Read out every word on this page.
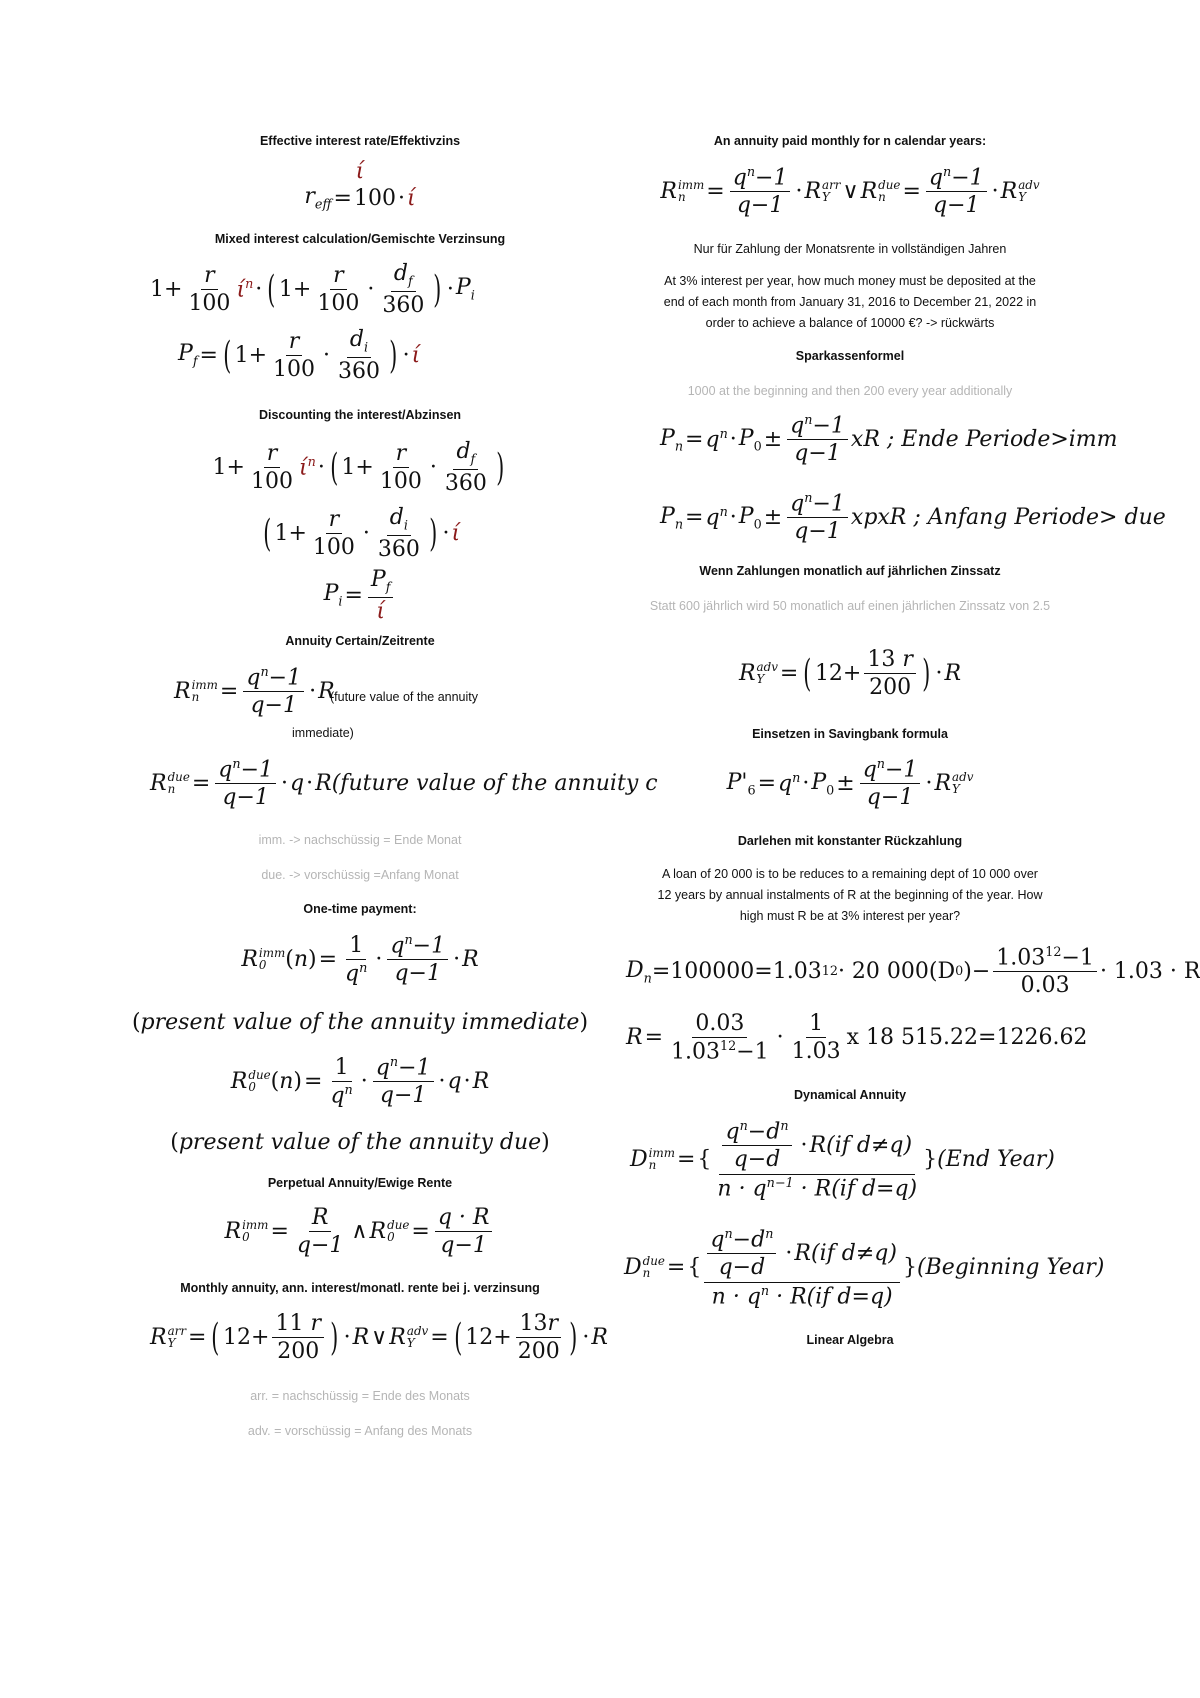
Effective interest rate/Effektivzins
ί
$r_{eff} = 100 \cdot ί$
Mixed interest calculation/Gemischte Verzinsung
$1+ \frac{r}{100} ί^n$ · ( $1+ \frac{r}{100}$ ·
$d_f$
360 ) · $P_i$
$P_f$ = ( $1+ \frac{r}{100}$ ·
$d_i$
360 ) · ί
Discounting the interest/Abzinsen
$1+ \frac{r}{100} ί^n$ · ( $1+ \frac{r}{100}$ ·
$d_f$
360 )
( $1+ \frac{r}{100}$ ·
$d_i$
360 ) · ί
$P_i = \frac{P_f}{ί}$
Annuity Certain/Zeitrente
R imm
$n = \frac{q^n-1}{q-1} \cdot R$
(future value of the annuity
immediate)
R due
$n = \frac{q^n-1}{q-1} \cdot q \cdot R$( future value of the annuity c
imm. -> nachschüssig = Ende Monat
due. -> vorschüssig =Anfang Monat
One-time payment:
R imm
0 ( n ) = $\frac{1}{q^n}$ ·
$q^n-1$
q−1
· R
( present value of the annuity immediate )
R due
0 ( n ) = $\frac{1}{q^n}$ ·
$q^n-1$
q−1
· q · R
( present value of the annuity due )
Perpetual Annuity/Ewige Rente
R imm
$0 = \frac{R}{q-1}$ ∧ R due
$0 = \frac{q \cdot R}{q-1}$
Monthly annuity, ann. interest/monatl. rente bei j. verzinsung
R arr
Y = ( $12+ \frac{11 r}{200}$ ) · R ∨ R adv
Y = ( $12+ \frac{13r}{200}$ ) · R
arr. = nachschüssig = Ende des Monats
adv. = vorschüssig = Anfang des Monats
An annuity paid monthly for n calendar years:
R imm
$n = \frac{q^n-1}{q-1} \cdot R$ arr
Y ∨ R due
$n = \frac{q^n-1}{q-1} \cdot R$ adv
Y
Nur für Zahlung der Monatsrente in vollständigen Jahren
At 3% interest per year, how much money must be deposited at the end of each month from January 31, 2016 to December 21, 2022 in order to achieve a balance of 10000 €? -> rückwärts
Sparkassenformel
1000 at the beginning and then 200 every year additionally
$P_n = q^n \cdot P_0 \pm \frac{q^n-1}{q-1}$ xR ; Ende Periode>imm
$P_n = q^n \cdot P_0 \pm \frac{q^n-1}{q-1}$ xpxR ; Anfang Periode> due
Wenn Zahlungen monatlich auf jährlichen Zinssatz
Statt 600 jährlich wird 50 monatlich auf einen jährlichen Zinssatz von 2.5
R adv
Y = ( $12+ \frac{13 r}{200}$ ) · R
Einsetzen in Savingbank formula
$P'_6 = q^n \cdot P_0 \pm \frac{q^n-1}{q-1} \cdot R$ adv
Y
Darlehen mit konstanter Rückzahlung
A loan of 20 000 is to be reduces to a remaining dept of 10 000 over 12 years by annual instalments of R at the beginning of the year. How high must R be at 3% interest per year?
$D_n =100000=1.03$ 12 · 20 000(D 0 )− $\frac{1.03^{12}-1}{0.03} \cdot 1.03 \cdot R$
$R = \frac{0.03}{1.03^{12}-1}$ ·
1
1.03
x 18 515.22=1226.62
Dynamical Annuity
D imm
n = { $\frac{q^n-d^n}{q-d} \cdot R(if$ d≠q)
$n \cdot q^{n-1} \cdot R(if$ d=q)
} (End Year)
D due
n = { $\frac{q^n-d^n}{q-d} \cdot R(if$ d≠q)
$n \cdot q^n \cdot R(if$ d=q)
} (Beginning Year)
Linear Algebra
